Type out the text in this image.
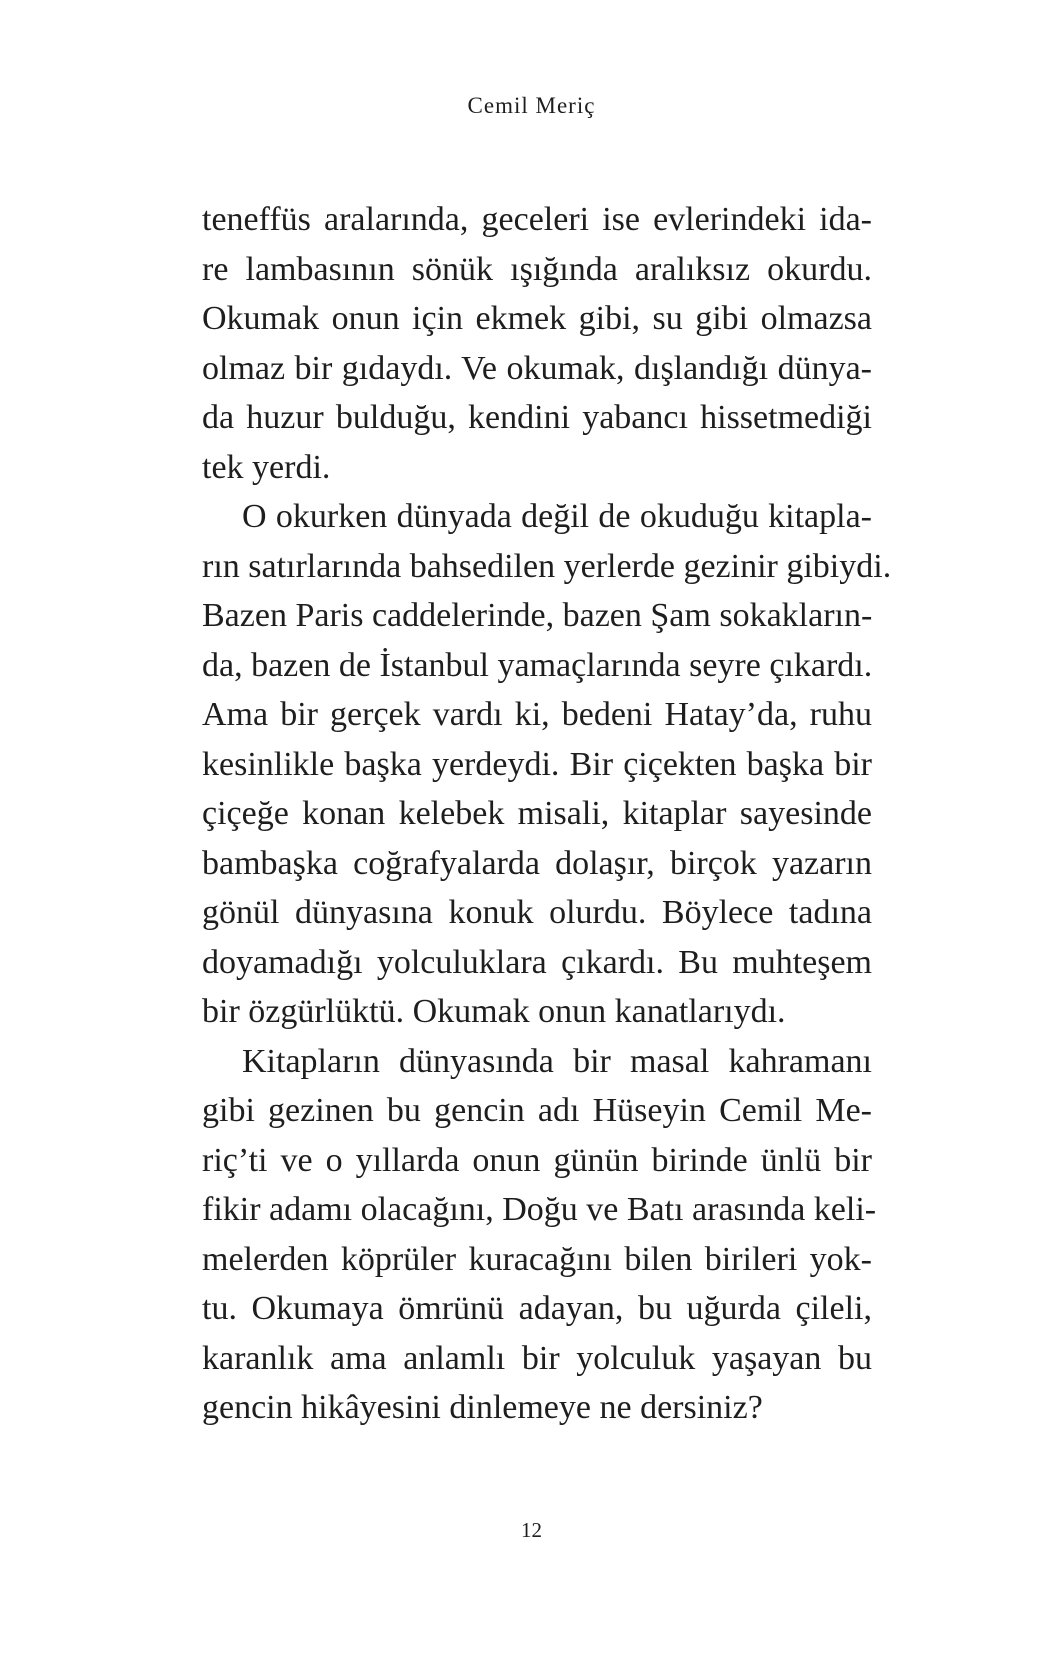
Cemil Meriç
teneffüs aralarında, geceleri ise evlerindeki ida-
re lambasının sönük ışığında aralıksız okurdu.
Okumak onun için ekmek gibi, su gibi olmazsa
olmaz bir gıdaydı. Ve okumak, dışlandığı dünya-
da huzur bulduğu, kendini yabancı hissetmediği
tek yerdi.
O okurken dünyada değil de okuduğu kitapla-
rın satırlarında bahsedilen yerlerde gezinir gibiydi.
Bazen Paris caddelerinde, bazen Şam sokakların-
da, bazen de İstanbul yamaçlarında seyre çıkardı.
Ama bir gerçek vardı ki, bedeni Hatay’da, ruhu
kesinlikle başka yerdeydi. Bir çiçekten başka bir
çiçeğe konan kelebek misali, kitaplar sayesinde
bambaşka coğrafyalarda dolaşır, birçok yazarın
gönül dünyasına konuk olurdu. Böylece tadına
doyamadığı yolculuklara çıkardı. Bu muhteşem
bir özgürlüktü. Okumak onun kanatlarıydı.
Kitapların dünyasında bir masal kahramanı
gibi gezinen bu gencin adı Hüseyin Cemil Me-
riç’ti ve o yıllarda onun günün birinde ünlü bir
fikir adamı olacağını, Doğu ve Batı arasında keli-
melerden köprüler kuracağını bilen birileri yok-
tu. Okumaya ömrünü adayan, bu uğurda çileli,
karanlık ama anlamlı bir yolculuk yaşayan bu
gencin hikâyesini dinlemeye ne dersiniz?
12
